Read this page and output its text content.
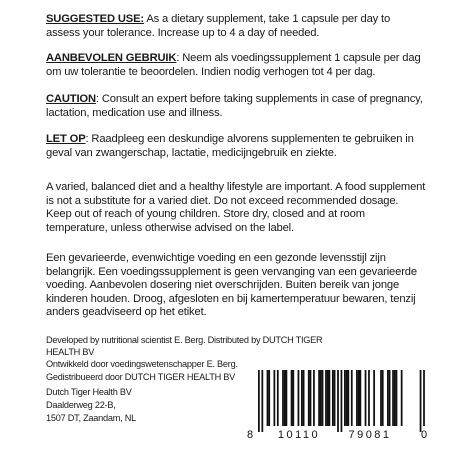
SUGGESTED USE: As a dietary supplement, take 1 capsule per day to assess your tolerance. Increase up to 4 a day of needed.

AANBEVOLEN GEBRUIK: Neem als voedingssupplement 1 capsule per dag om uw tolerantie te beoordelen. Indien nodig verhogen tot 4 per dag.

CAUTION: Consult an expert before taking supplements in case of pregnancy, lactation, medication use and illness.

LET OP: Raadpleeg een deskundige alvorens supplementen te gebruiken in geval van zwangerschap, lactatie, medicijngebruik en ziekte.

A varied, balanced diet and a healthy lifestyle are important. A food supplement is not a substitute for a varied diet. Do not exceed recommended dosage. Keep out of reach of young children. Store dry, closed and at room temperature, unless otherwise advised on the label.

Een gevarieerde, evenwichtige voeding en een gezonde levensstijl zijn belangrijk. Een voedingssupplement is geen vervanging van een gevarieerde voeding. Aanbevolen dosering niet overschrijden. Buiten bereik van jonge kinderen houden. Droog, afgesloten en bij kamertemperatuur bewaren, tenzij anders geadviseerd op het etiket.

Developed by nutritional scientist E. Berg. Distributed by DUTCH TIGER HEALTH BV
Ontwikkeld door voedingswetenschapper E. Berg.
Gedistribueerd door DUTCH TIGER HEALTH BV

Dutch Tiger Health BV
Daalderweg 22-B,
1507 DT, Zaandam, NL

8 10110	79081	0
